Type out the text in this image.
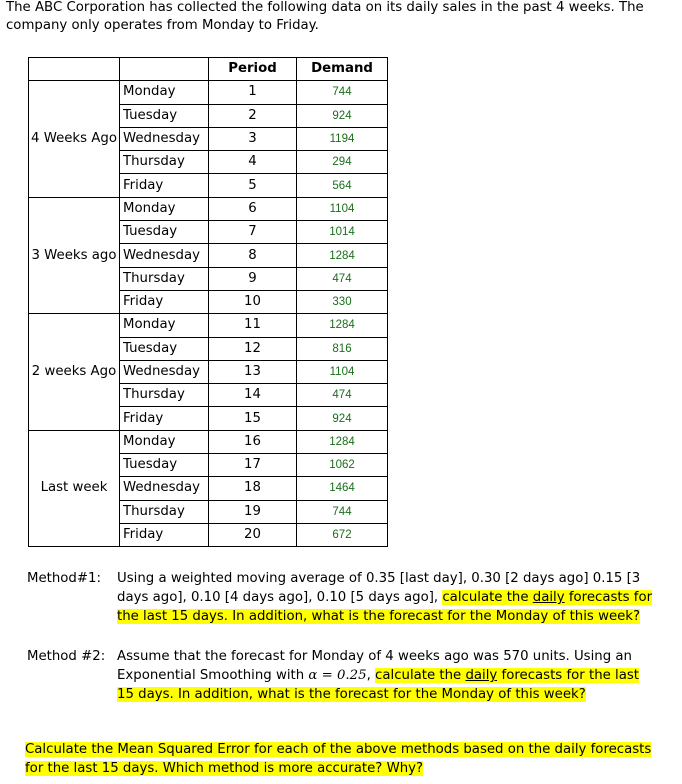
The ABC Corporation has collected the following data on its daily sales in the past 4 weeks. The company only operates from Monday to Friday.
		Period	Demand
4 Weeks Ago	Monday	1	744
	Tuesday	2	924
	Wednesday	3	1194
	Thursday	4	294
	Friday	5	564
3 Weeks ago	Monday	6	1104
	Tuesday	7	1014
	Wednesday	8	1284
	Thursday	9	474
	Friday	10	330
2 weeks Ago	Monday	11	1284
	Tuesday	12	816
	Wednesday	13	1104
	Thursday	14	474
	Friday	15	924
Last week	Monday	16	1284
	Tuesday	17	1062
	Wednesday	18	1464
	Thursday	19	744
	Friday	20	672
Method#1: Using a weighted moving average of 0.35 [last day], 0.30 [2 days ago] 0.15 [3 days ago], 0.10 [4 days ago], 0.10 [5 days ago], calculate the daily forecasts for the last 15 days. In addition, what is the forecast for the Monday of this week?
Method #2: Assume that the forecast for Monday of 4 weeks ago was 570 units. Using an Exponential Smoothing with α = 0.25, calculate the daily forecasts for the last 15 days. In addition, what is the forecast for the Monday of this week?
Calculate the Mean Squared Error for each of the above methods based on the daily forecasts for the last 15 days. Which method is more accurate? Why?
